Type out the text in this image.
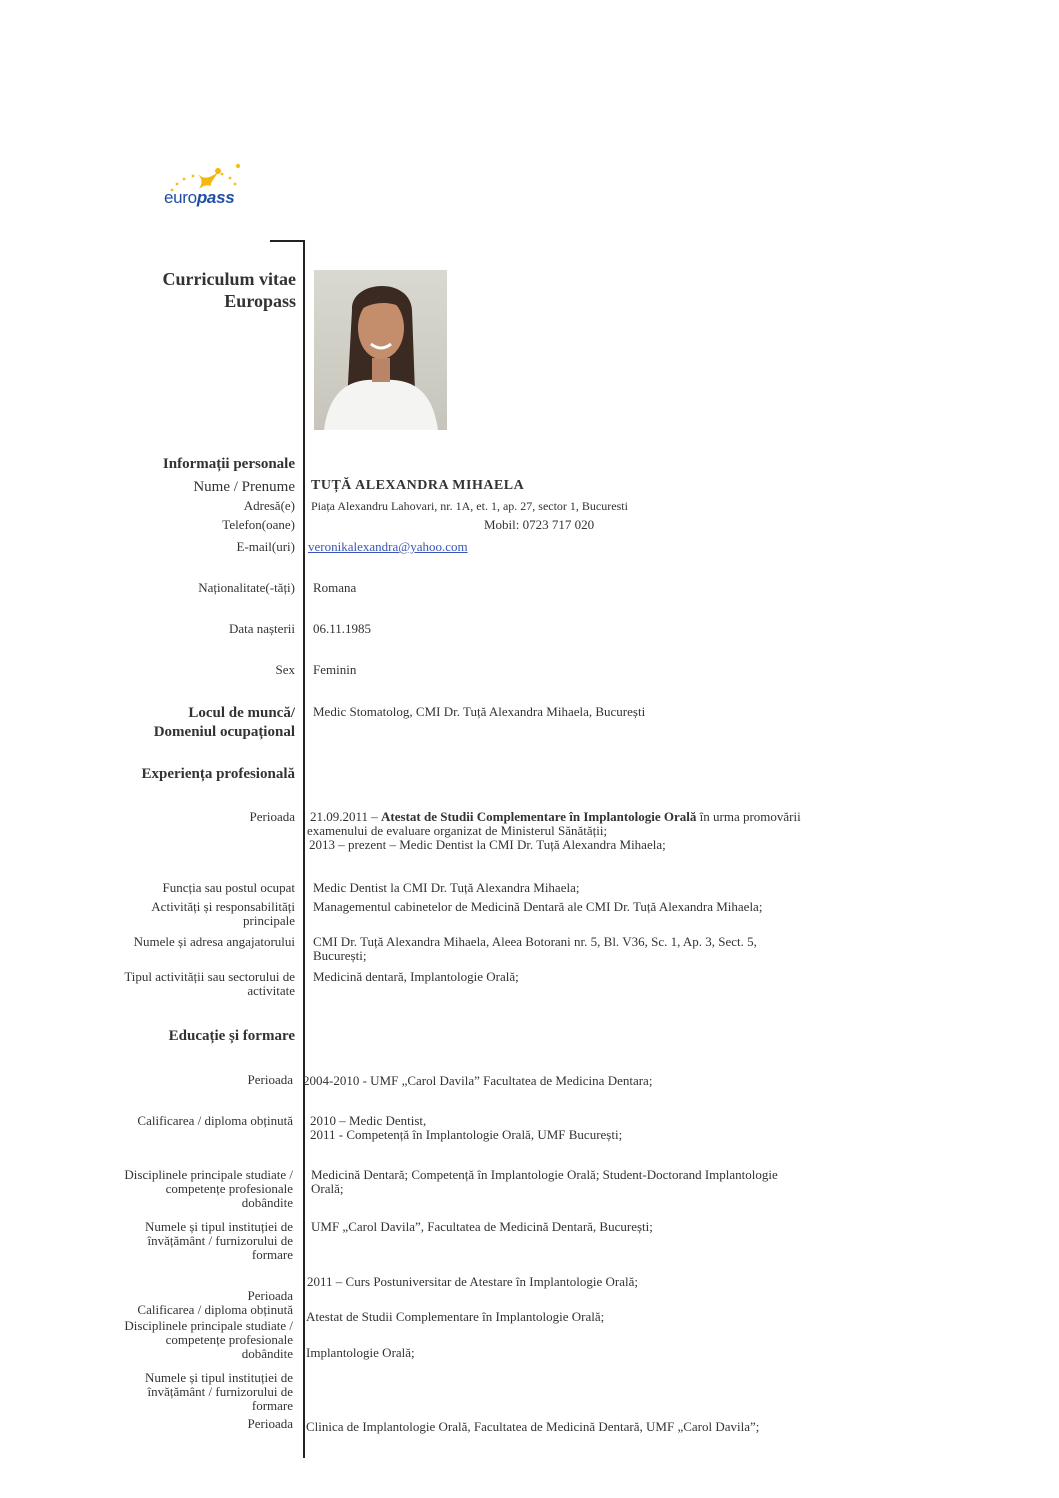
europass
Curriculum vitae
Europass
Informații personale
Nume / Prenume TUȚĂ ALEXANDRA MIHAELA
Adresă(e) Piața Alexandru Lahovari, nr. 1A, et. 1, ap. 27, sector 1, Bucuresti
Telefon(oane)	Mobil: 0723 717 020
E-mail(uri) veronikalexandra@yahoo.com
Naționalitate(-tăți) Romana
Data nașterii 06.11.1985
Sex Feminin
Locul de muncă/
Domeniul ocupațional
Medic Stomatolog, CMI Dr. Tuță Alexandra Mihaela, București
Experiența profesională
Perioada 21.09.2011 – Atestat de Studii Complementare în Implantologie Orală în urma promovării
examenului de evaluare organizat de Ministerul Sănătății;
2013 – prezent – Medic Dentist la CMI Dr. Tuță Alexandra Mihaela;
Funcția sau postul ocupat Medic Dentist la CMI Dr. Tuță Alexandra Mihaela;
Activități și responsabilități
principale
Managementul cabinetelor de Medicină Dentară ale CMI Dr. Tuță Alexandra Mihaela;
Numele și adresa angajatorului CMI Dr. Tuță Alexandra Mihaela, Aleea Botorani nr. 5, Bl. V36, Sc. 1, Ap. 3, Sect. 5,
București;
Tipul activității sau sectorului de
activitate
Medicină dentară, Implantologie Orală;
Educație și formare
Perioada 2004-2010 - UMF „Carol Davila” Facultatea de Medicina Dentara;
Calificarea / diploma obținută 2010 – Medic Dentist,
2011 - Competență în Implantologie Orală, UMF București;
Disciplinele principale studiate /
competențe profesionale
dobândite
Medicină Dentară; Competență în Implantologie Orală; Student-Doctorand Implantologie
Orală;
Numele și tipul instituției de
învățământ / furnizorului de
formare
UMF „Carol Davila”, Facultatea de Medicină Dentară, București;
2011 – Curs Postuniversitar de Atestare în Implantologie Orală;
Perioada
Calificarea / diploma obținută Atestat de Studii Complementare în Implantologie Orală;
Disciplinele principale studiate /
competențe profesionale
dobândite Implantologie Orală;
Numele și tipul instituției de
învățământ / furnizorului de
formare
Perioada Clinica de Implantologie Orală, Facultatea de Medicină Dentară, UMF „Carol Davila”;
